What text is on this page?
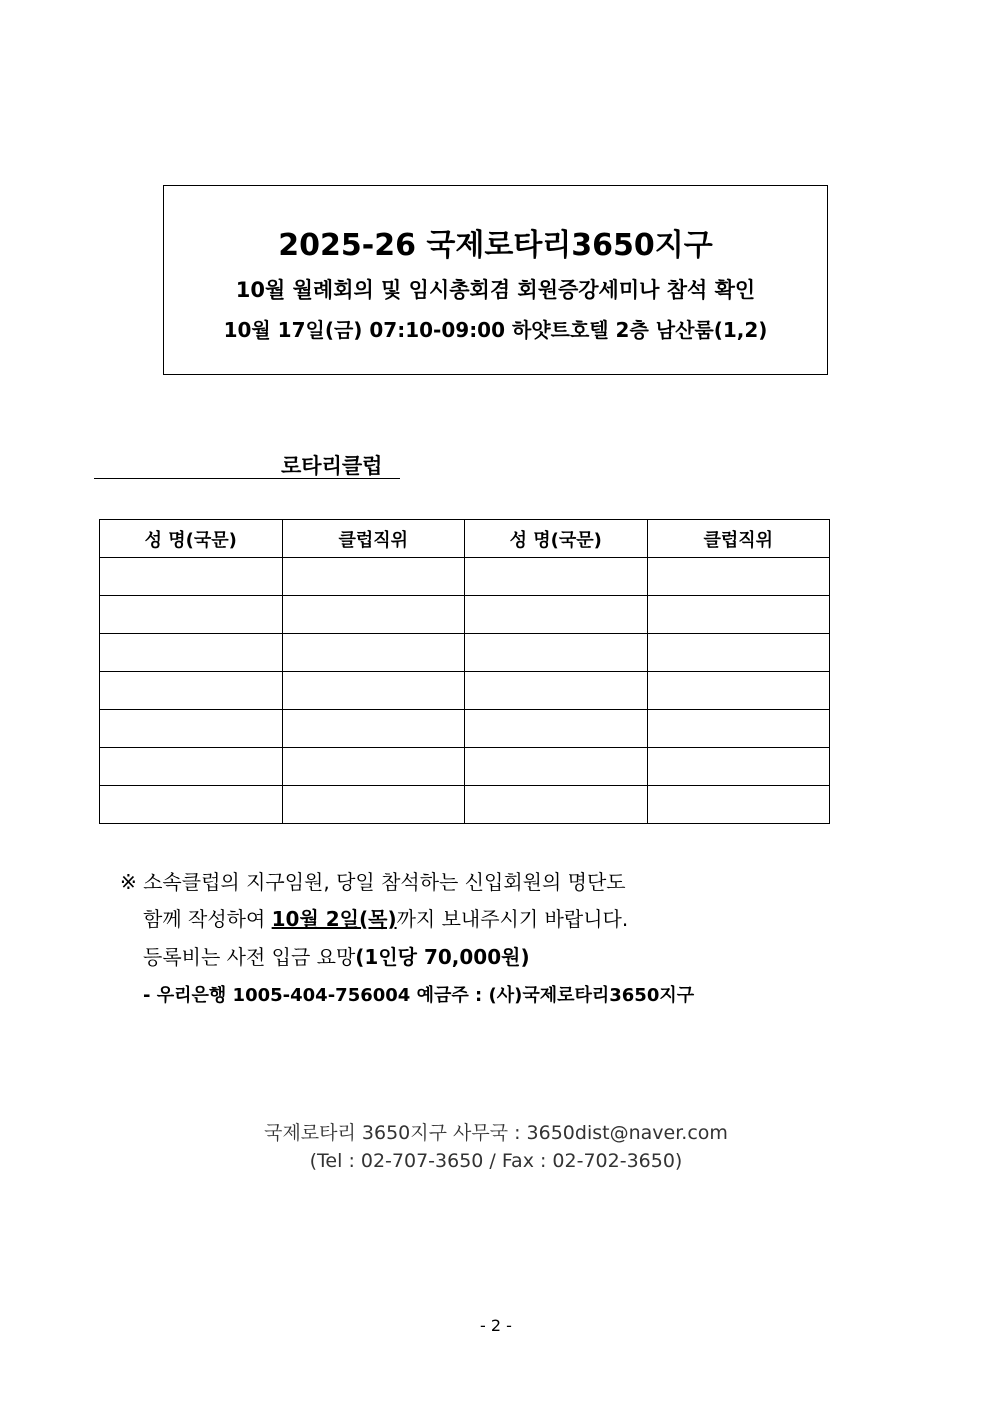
2025-26 국제로타리3650지구
10월 월례회의 및 임시총회겸 회원증강세미나 참석 확인
10월 17일(금) 07:10-09:00 하얏트호텔 2층 남산룸(1,2)
로타리클럽
성 명(국문)	클럽직위	성 명(국문)	클럽직위

※ 소속클럽의 지구임원, 당일 참석하는 신입회원의 명단도
함께 작성하여 10월 2일(목)까지 보내주시기 바랍니다.
등록비는 사전 입금 요망(1인당 70,000원)
- 우리은행 1005-404-756004 예금주 : (사)국제로타리3650지구
국제로타리 3650지구 사무국 : 3650dist@naver.com
(Tel : 02-707-3650 / Fax : 02-702-3650)
- 2 -
